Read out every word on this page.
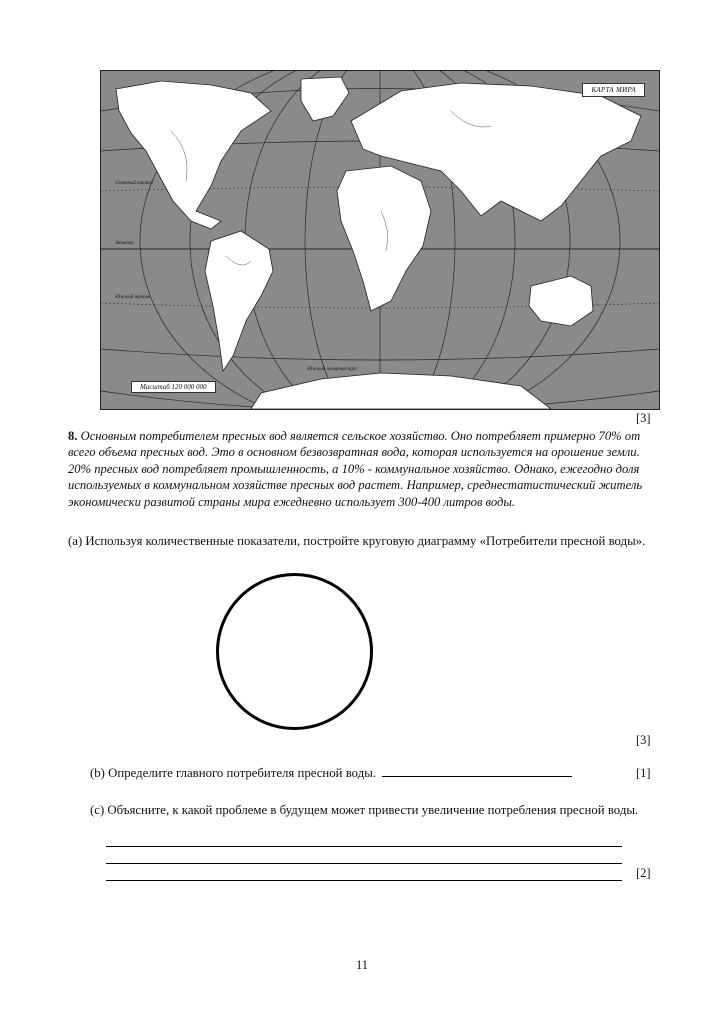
КАРТА МИРА
Масштаб 120 000 000
Северный тропик
Экватор
Южный тропик
Южный полярный круг
[3]
8. Основным потребителем пресных вод является сельское хозяйство. Оно потребляет примерно 70% от всего объема пресных вод. Это в основном безвозвратная вода, которая используется на орошение земли. 20% пресных вод потребляет промышленность, а 10% - коммунальное хозяйство. Однако, ежегодно доля используемых в коммунальном хозяйстве пресных вод растет. Например, среднестатистический житель экономически развитой страны мира ежедневно использует 300-400 литров воды.
(a) Используя количественные показатели, постройте круговую диаграмму «Потребители пресной воды».
[3]
(b) Определите главного потребителя пресной воды.	[1]
(c) Объясните, к какой проблеме в будущем может привести увеличение потребления пресной воды.
[2]
11
